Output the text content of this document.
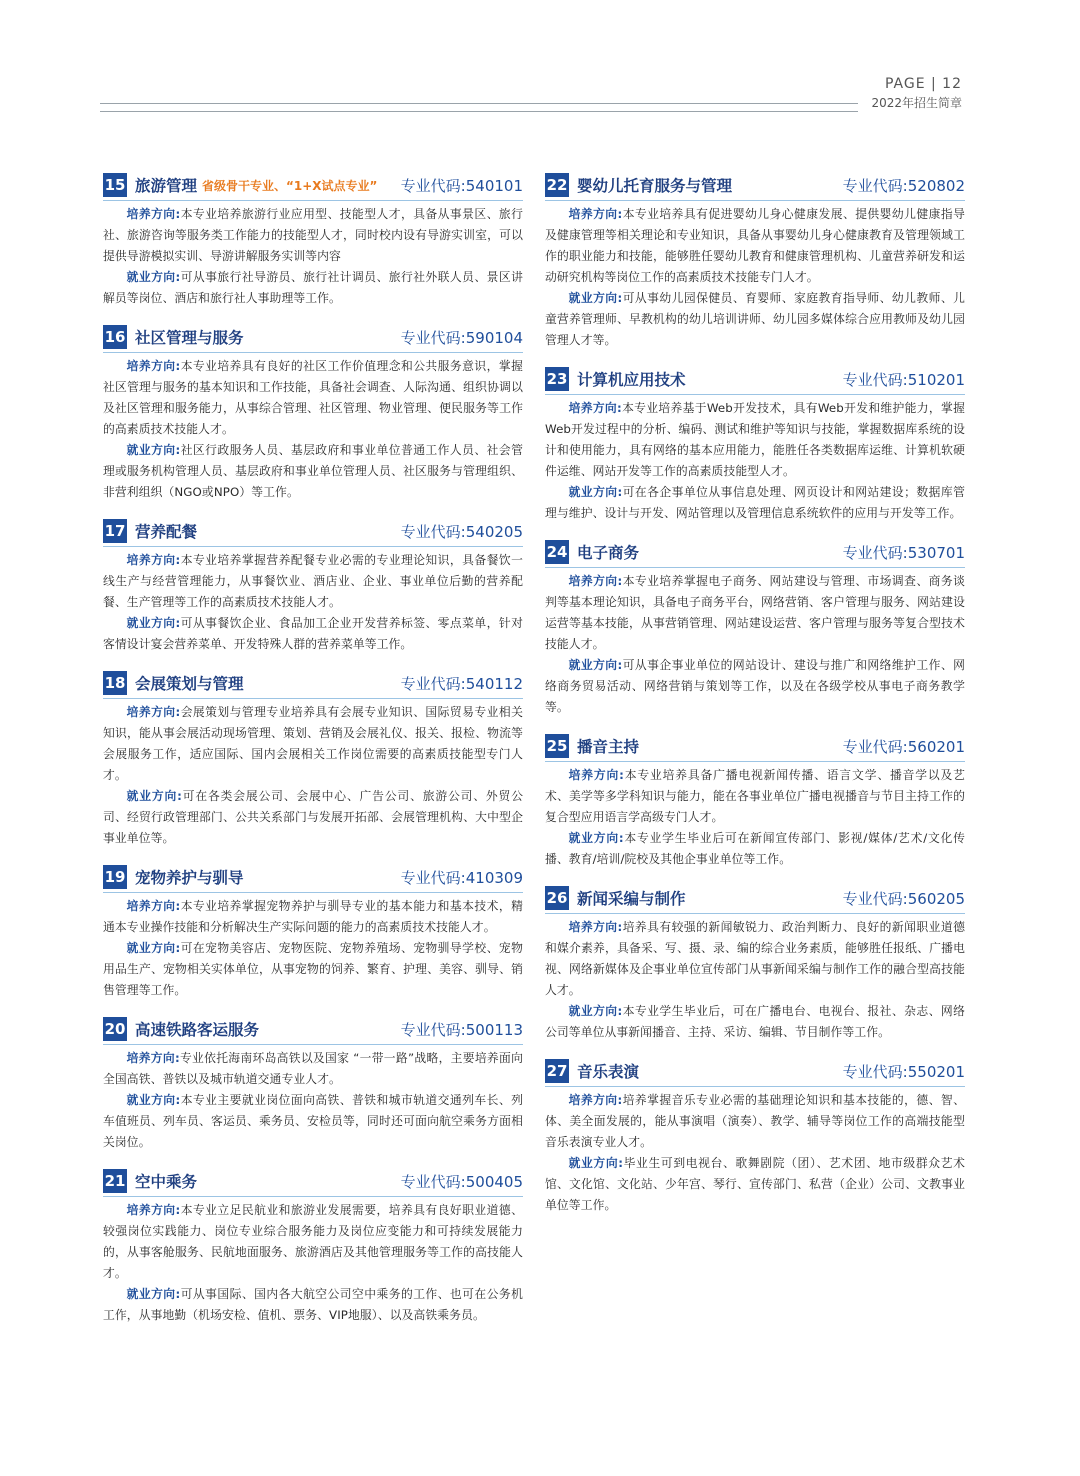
PAGE | 12
2022年招生简章
15 旅游管理 省级骨干专业、“1+X试点专业” 专业代码:540101

培养方向:本专业培养旅游行业应用型、技能型人才，具备从事景区、旅行社、旅游咨询等服务类工作能力的技能型人才，同时校内设有导游实训室，可以提供导游模拟实训、导游讲解服务实训等内容

就业方向:可从事旅行社导游员、旅行社计调员、旅行社外联人员、景区讲解员等岗位、酒店和旅行社人事助理等工作。

16 社区管理与服务	专业代码:590104

培养方向:本专业培养具有良好的社区工作价值理念和公共服务意识，掌握社区管理与服务的基本知识和工作技能，具备社会调查、人际沟通、组织协调以及社区管理和服务能力，从事综合管理、社区管理、物业管理、便民服务等工作的高素质技术技能人才。

就业方向:社区行政服务人员、基层政府和事业单位普通工作人员、社会管理或服务机构管理人员、基层政府和事业单位管理人员、社区服务与管理组织、非营利组织（NGO或NPO）等工作。

17 营养配餐	专业代码:540205

培养方向:本专业培养掌握营养配餐专业必需的专业理论知识，具备餐饮一线生产与经营管理能力，从事餐饮业、酒店业、企业、事业单位后勤的营养配餐、生产管理等工作的高素质技术技能人才。

就业方向:可从事餐饮企业、食品加工企业开发营养标签、零点菜单，针对客情设计宴会营养菜单、开发特殊人群的营养菜单等工作。

18 会展策划与管理	专业代码:540112

培养方向:会展策划与管理专业培养具有会展专业知识、国际贸易专业相关知识，能从事会展活动现场管理、策划、营销及会展礼仪、报关、报检、物流等会展服务工作，适应国际、国内会展相关工作岗位需要的高素质技能型专门人才。

就业方向:可在各类会展公司、会展中心、广告公司、旅游公司、外贸公司、经贸行政管理部门、公共关系部门与发展开拓部、会展管理机构、大中型企事业单位等。

19 宠物养护与驯导	专业代码:410309

培养方向:本专业培养掌握宠物养护与驯导专业的基本能力和基本技术，精通本专业操作技能和分析解决生产实际问题的能力的高素质技术技能人才。

就业方向:可在宠物美容店、宠物医院、宠物养殖场、宠物驯导学校、宠物用品生产、宠物相关实体单位，从事宠物的饲养、繁育、护理、美容、驯导、销售管理等工作。

20 高速铁路客运服务	专业代码:500113

培养方向:专业依托海南环岛高铁以及国家 “一带一路”战略，主要培养面向全国高铁、普铁以及城市轨道交通专业人才。

就业方向:本专业主要就业岗位面向高铁、普铁和城市轨道交通列车长、列车值班员、列车员、客运员、乘务员、安检员等，同时还可面向航空乘务方面相关岗位。

21 空中乘务	专业代码:500405

培养方向:本专业立足民航业和旅游业发展需要，培养具有良好职业道德、较强岗位实践能力、岗位专业综合服务能力及岗位应变能力和可持续发展能力的，从事客舱服务、民航地面服务、旅游酒店及其他管理服务等工作的高技能人才。

就业方向:可从事国际、国内各大航空公司空中乘务的工作、也可在公务机工作，从事地勤（机场安检、值机、票务、VIP地服）、以及高铁乘务员。

22 婴幼儿托育服务与管理	专业代码:520802

培养方向:本专业培养具有促进婴幼儿身心健康发展、提供婴幼儿健康指导及健康管理等相关理论和专业知识，具备从事婴幼儿身心健康教育及管理领域工作的职业能力和技能，能够胜任婴幼儿教育和健康管理机构、儿童营养研发和运动研究机构等岗位工作的高素质技术技能专门人才。

就业方向:可从事幼儿园保健员、育婴师、家庭教育指导师、幼儿教师、儿童营养管理师、早教机构的幼儿培训讲师、幼儿园多媒体综合应用教师及幼儿园管理人才等。

23 计算机应用技术	专业代码:510201

培养方向:本专业培养基于Web开发技术，具有Web开发和维护能力，掌握Web开发过程中的分析、编码、测试和维护等知识与技能，掌握数据库系统的设计和使用能力，具有网络的基本应用能力，能胜任各类数据库运维、计算机软硬件运维、网站开发等工作的高素质技能型人才。

就业方向:可在各企事单位从事信息处理、网页设计和网站建设；数据库管理与维护、设计与开发、网站管理以及管理信息系统软件的应用与开发等工作。

24 电子商务	专业代码:530701

培养方向:本专业培养掌握电子商务、网站建设与管理、市场调查、商务谈判等基本理论知识，具备电子商务平台，网络营销、客户管理与服务、网站建设运营等基本技能，从事营销管理、网站建设运营、客户管理与服务等复合型技术技能人才。

就业方向:可从事企事业单位的网站设计、建设与推广和网络维护工作、网络商务贸易活动、网络营销与策划等工作，以及在各级学校从事电子商务教学等。

25 播音主持	专业代码:560201

培养方向:本专业培养具备广播电视新闻传播、语言文学、播音学以及艺术、美学等多学科知识与能力，能在各事业单位广播电视播音与节目主持工作的复合型应用语言学高级专门人才。

就业方向:本专业学生毕业后可在新闻宣传部门、影视/媒体/艺术/文化传播、教育/培训/院校及其他企事业单位等工作。

26 新闻采编与制作	专业代码:560205

培养方向:培养具有较强的新闻敏锐力、政治判断力、良好的新闻职业道德和媒介素养，具备采、写、摄、录、编的综合业务素质，能够胜任报纸、广播电视、网络新媒体及企事业单位宣传部门从事新闻采编与制作工作的融合型高技能人才。

就业方向:本专业学生毕业后，可在广播电台、电视台、报社、杂志、网络公司等单位从事新闻播音、主持、采访、编辑、节目制作等工作。

27 音乐表演	专业代码:550201

培养方向:培养掌握音乐专业必需的基础理论知识和基本技能的，德、智、体、美全面发展的，能从事演唱（演奏）、教学、辅导等岗位工作的高端技能型音乐表演专业人才。

就业方向:毕业生可到电视台、歌舞剧院（团）、艺术团、地市级群众艺术馆、文化馆、文化站、少年宫、琴行、宣传部门、私营（企业）公司、文教事业单位等工作。
